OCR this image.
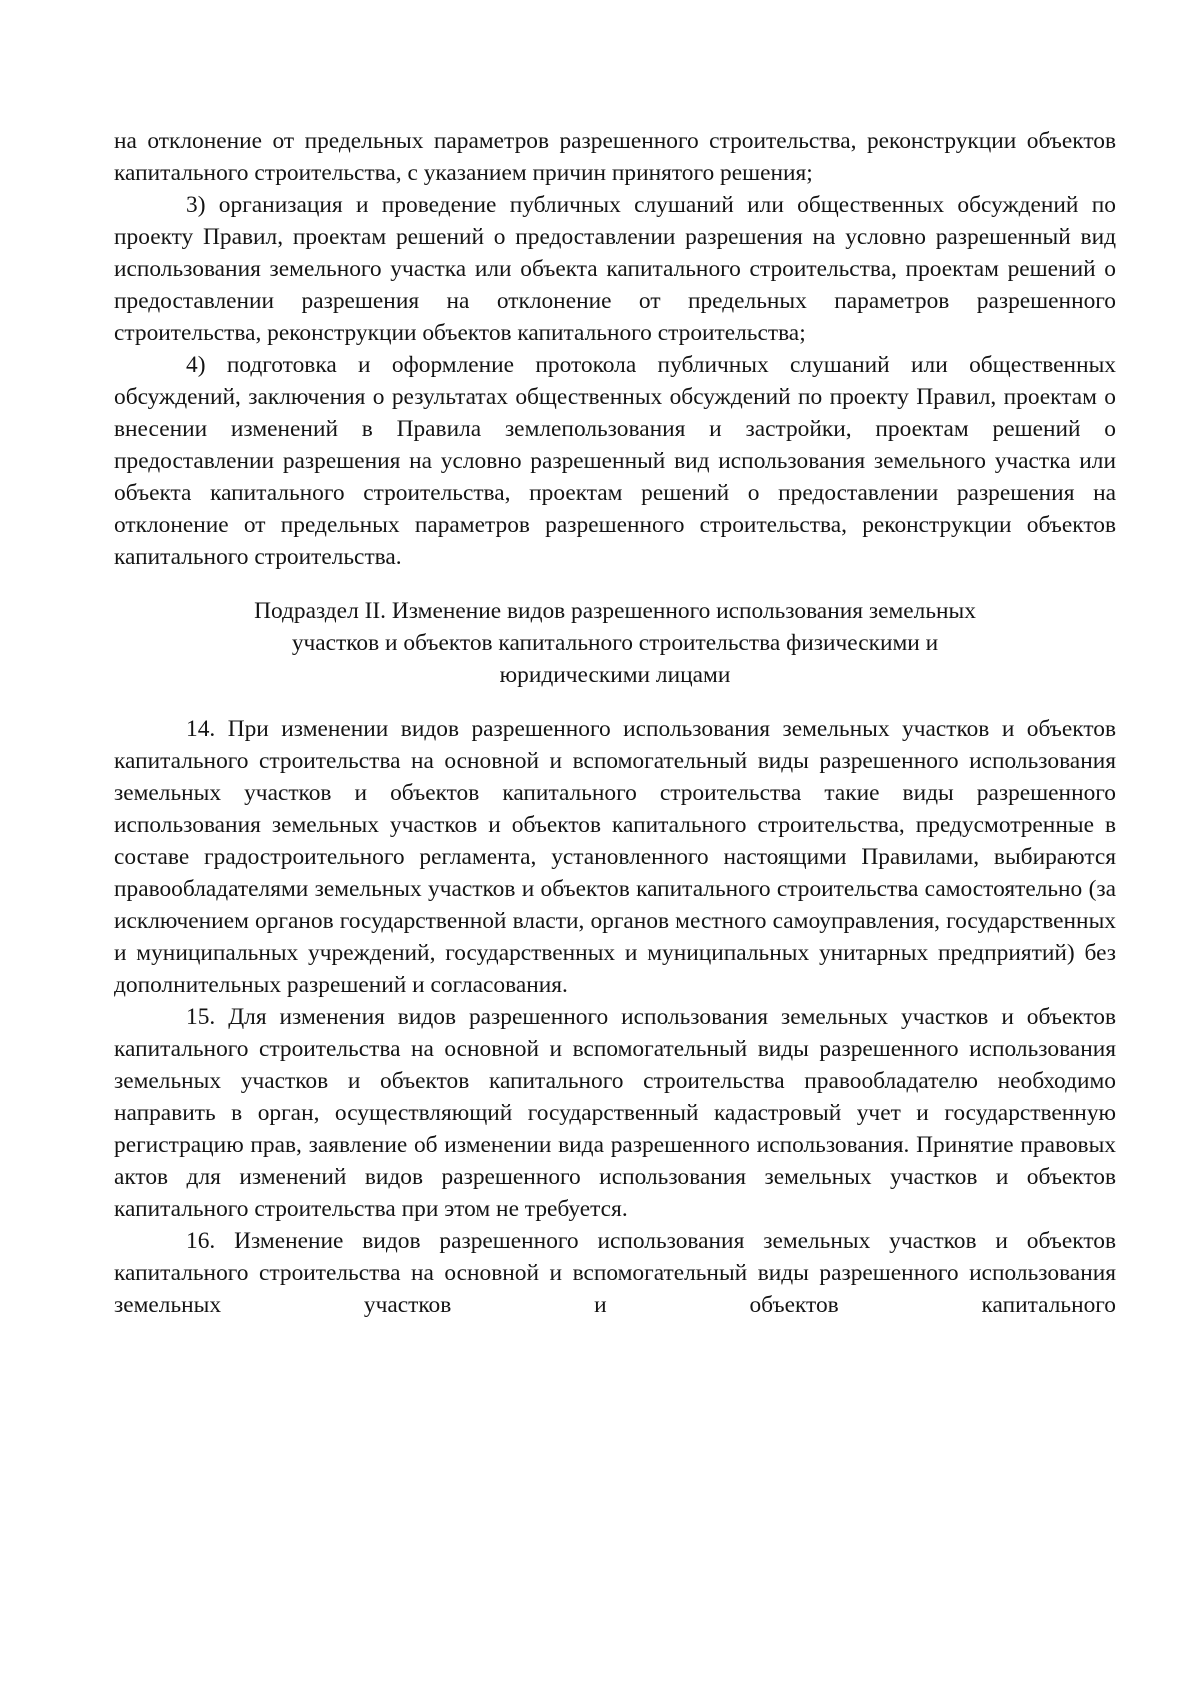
на отклонение от предельных параметров разрешенного строительства, реконструкции объектов капитального строительства, с указанием причин принятого решения;

3) организация и проведение публичных слушаний или общественных обсуждений по проекту Правил, проектам решений о предоставлении разрешения на условно разрешенный вид использования земельного участка или объекта капитального строительства, проектам решений о предоставлении разрешения на отклонение от предельных параметров разрешенного строительства, реконструкции объектов капитального строительства;

4) подготовка и оформление протокола публичных слушаний или общественных обсуждений, заключения о результатах общественных обсуждений по проекту Правил, проектам о внесении изменений в Правила землепользования и застройки, проектам решений о предоставлении разрешения на условно разрешенный вид использования земельного участка или объекта капитального строительства, проектам решений о предоставлении разрешения на отклонение от предельных параметров разрешенного строительства, реконструкции объектов капитального строительства.

Подраздел II. Изменение видов разрешенного использования земельных
участков и объектов капитального строительства физическими и
юридическими лицами

14. При изменении видов разрешенного использования земельных участков и объектов капитального строительства на основной и вспомогательный виды разрешенного использования земельных участков и объектов капитального строительства такие виды разрешенного использования земельных участков и объектов капитального строительства, предусмотренные в составе градостроительного регламента, установленного настоящими Правилами, выбираются правообладателями земельных участков и объектов капитального строительства самостоятельно (за исключением органов государственной власти, органов местного самоуправления, государственных и муниципальных учреждений, государственных и муниципальных унитарных предприятий) без дополнительных разрешений и согласования.

15. Для изменения видов разрешенного использования земельных участков и объектов капитального строительства на основной и вспомогательный виды разрешенного использования земельных участков и объектов капитального строительства правообладателю необходимо направить в орган, осуществляющий государственный кадастровый учет и государственную регистрацию прав, заявление об изменении вида разрешенного использования. Принятие правовых актов для изменений видов разрешенного использования земельных участков и объектов капитального строительства при этом не требуется.

16. Изменение видов разрешенного использования земельных участков и объектов капитального строительства на основной и вспомогательный виды разрешенного использования земельных участков и объектов капитального
